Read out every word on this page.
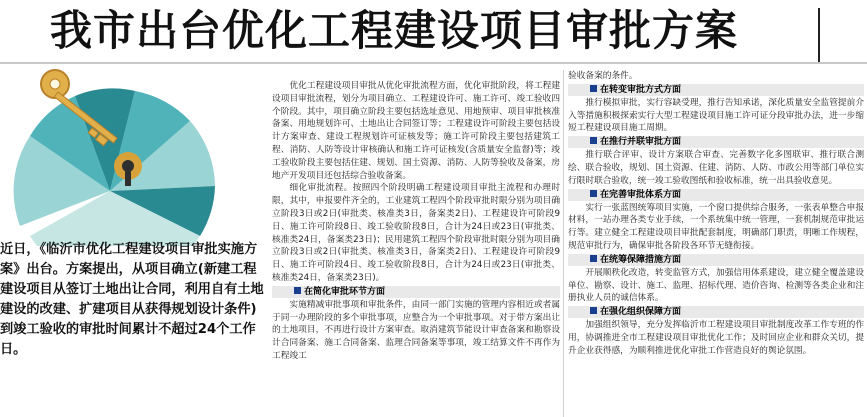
我市出台优化工程建设项目审批方案
近日，《临沂市优化工程建设项目审批实施方案》出台。方案提出，从项目确立(新建工程建设项目从签订土地出让合同，利用自有土地建设的改建、扩建项目从获得规划设计条件)到竣工验收的审批时间累计不超过24个工作日。

优化工程建设项目审批从优化审批流程方面，优化审批阶段，将工程建设项目审批流程，划分为项目确立、工程建设许可、施工许可、竣工验收四个阶段。其中，项目确立阶段主要包括选址意见、用地预审、项目审批核准备案、用地规划许可、土地出让合同签订等；工程建设许可阶段主要包括设计方案审查、建设工程规划许可证核发等；施工许可阶段主要包括建筑工程、消防、人防等设计审核确认和施工许可证核发(含质量安全监督)等；竣工验收阶段主要包括住建、规划、国土资源、消防、人防等验收及备案，房地产开发项目还包括综合验收备案。

细化审批流程。按照四个阶段明确工程建设项目审批主流程和办理时限，其中，申报要件齐全的，工业建筑工程四个阶段审批时限分别为项目确立阶段3日或2日(审批类、核准类3日，备案类2日)、工程建设许可阶段9日、施工许可阶段8日、竣工验收阶段8日，合计为24日或23日(审批类、核准类24日，备案类23日)；民用建筑工程四个阶段审批时限分别为项目确立阶段3日或2日(审批类、核准类3日，备案类2日)、工程建设许可阶段9日、施工许可阶段4日、竣工验收阶段8日，合计为24日或23日(审批类、核准类24日，备案类23日)。

在简化审批环节方面

实施精减审批事项和审批条件，由同一部门实施的管理内容相近或者属于同一办理阶段的多个审批事项，应整合为一个审批事项。对于带方案出让的土地项目，不再进行设计方案审查。取消建筑节能设计审查备案和勘察设计合同备案、施工合同备案、监理合同备案等事项，竣工结算文件不再作为工程竣工

验收备案的条件。

在转变审批方式方面

推行模拟审批，实行容缺受理，推行告知承诺，深化质量安全监管提前介入等措施积极探索实行大型工程建设项目施工许可证分段审批办法，进一步缩短工程建设项目施工周期。

在推行并联审批方面

推行联合评审、设计方案联合审查、完善数字化多图联审、推行联合测绘、联合验收，规划、国土资源、住建、消防、人防、市政公用等部门单位实行限时联合验收，统一竣工验收图纸和验收标准，统一出具验收意见。

在完善审批体系方面

实行一张蓝图统筹项目实施，一个窗口提供综合服务，一张表单整合申报材料，一站办理各类专业手续，一个系统集中统一管理，一套机制规范审批运行等。建立健全工程建设项目审批配套制度，明确部门职责，明晰工作规程，规范审批行为，确保审批各阶段各环节无缝衔接。

在统筹保障措施方面

开展顺秩化改造，转变监管方式，加强信用体系建设，建立健全覆盖建设单位、勘察、设计、施工、监理、招标代理、造价咨询、检测等各类企业和注册执业人员的诚信体系。

在强化组织保障方面

加强组织领导，充分发挥临沂市工程建设项目审批制度改革工作专班的作用，协调推进全市工程建设项目审批优化工作；及时回应企业和群众关切，提升企业获得感，为顺利推进优化审批工作营造良好的舆论氛围。
